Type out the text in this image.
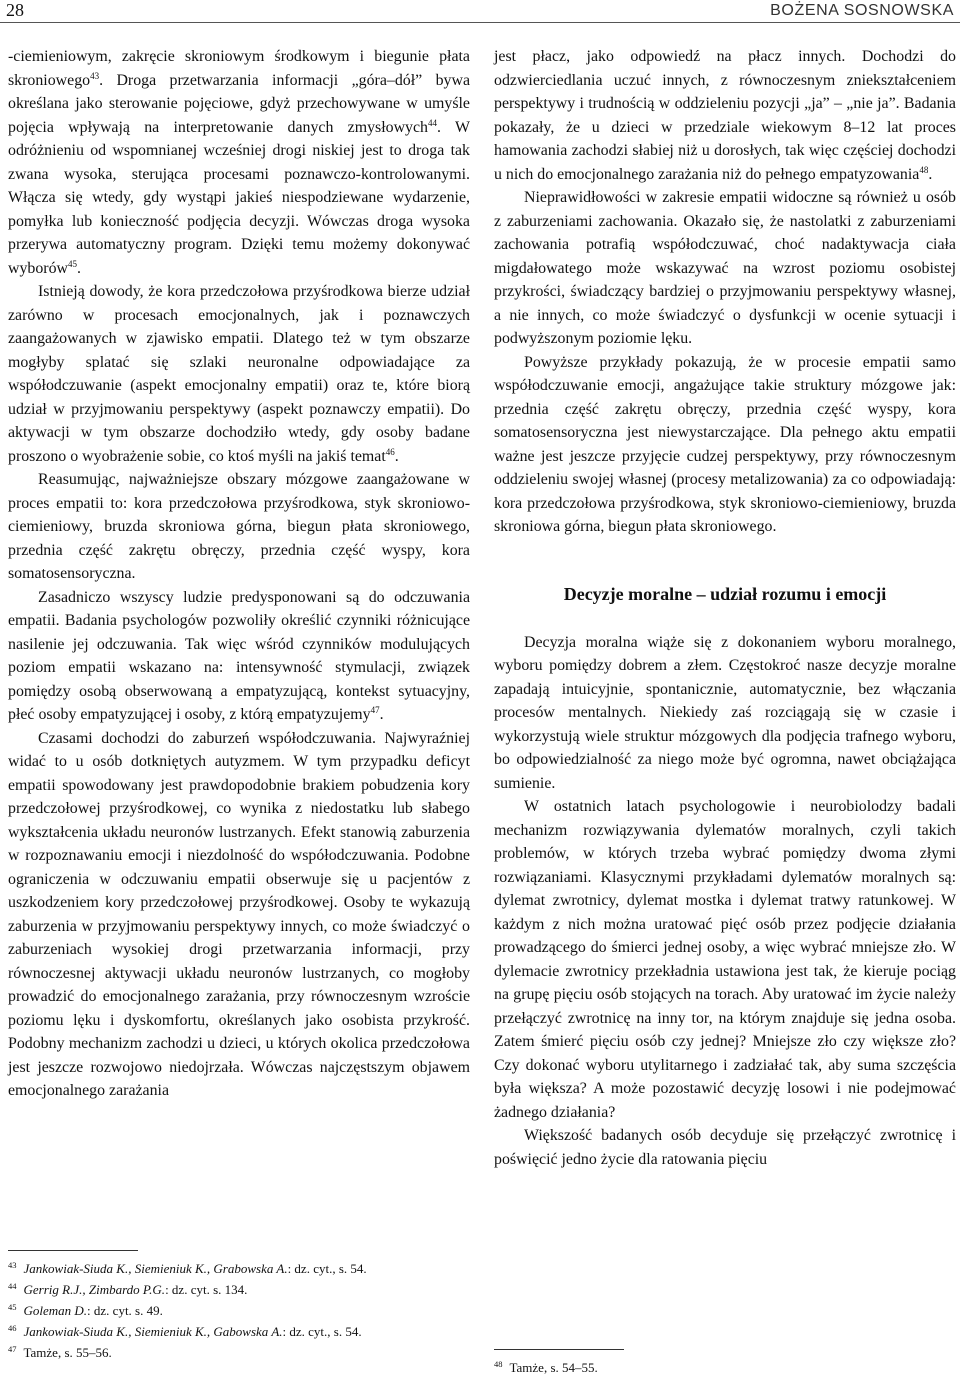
28	BOŻENA SOSNOWSKA

-ciemieniowym, zakręcie skroniowym środkowym i biegunie płata skroniowego$^{43}$. Droga przetwarzania informacji „góra–dół” bywa określana jako sterowanie pojęciowe, gdyż przechowywane w umyśle pojęcia wpływają na interpretowanie danych zmysłowych$^{44}$. W odróżnieniu od wspomnianej wcześniej drogi niskiej jest to droga tak zwana wysoka, sterująca procesami poznawczo-kontrolowanymi. Włącza się wtedy, gdy wystąpi jakieś niespodziewane wydarzenie, pomyłka lub konieczność podjęcia decyzji. Wówczas droga wysoka przerywa automatyczny program. Dzięki temu możemy dokonywać wyborów$^{45}$.

Istnieją dowody, że kora przedczołowa przyśrodkowa bierze udział zarówno w procesach emocjonalnych, jak i poznawczych zaangażowanych w zjawisko empatii. Dlatego też w tym obszarze mogłyby splatać się szlaki neuronalne odpowiadające za współodczuwanie (aspekt emocjonalny empatii) oraz te, które biorą udział w przyjmowaniu perspektywy (aspekt poznawczy empatii). Do aktywacji w tym obszarze dochodziło wtedy, gdy osoby badane proszono o wyobrażenie sobie, co ktoś myśli na jakiś temat$^{46}$.

Reasumując, najważniejsze obszary mózgowe zaangażowane w proces empatii to: kora przedczołowa przyśrodkowa, styk skroniowo-ciemieniowy, bruzda skroniowa górna, biegun płata skroniowego, przednia część zakrętu obręczy, przednia część wyspy, kora somatosensoryczna.

Zasadniczo wszyscy ludzie predysponowani są do odczuwania empatii. Badania psychologów pozwoliły określić czynniki różnicujące nasilenie jej odczuwania. Tak więc wśród czynników modulujących poziom empatii wskazano na: intensywność stymulacji, związek pomiędzy osobą obserwowaną a empatyzującą, kontekst sytuacyjny, płeć osoby empatyzującej i osoby, z którą empatyzujemy$^{47}$.

Czasami dochodzi do zaburzeń współodczuwania. Najwyraźniej widać to u osób dotkniętych autyzmem. W tym przypadku deficyt empatii spowodowany jest prawdopodobnie brakiem pobudzenia kory przedczołowej przyśrodkowej, co wynika z niedostatku lub słabego wykształcenia układu neuronów lustrzanych. Efekt stanowią zaburzenia w rozpoznawaniu emocji i niezdolność do współodczuwania. Podobne ograniczenia w odczuwaniu empatii obserwuje się u pacjentów z uszkodzeniem kory przedczołowej przyśrodkowej. Osoby te wykazują zaburzenia w przyjmowaniu perspektywy innych, co może świadczyć o zaburzeniach wysokiej drogi przetwarzania informacji, przy równoczesnej aktywacji układu neuronów lustrzanych, co mogłoby prowadzić do emocjonalnego zarażania, przy równoczesnym wzroście poziomu lęku i dyskomfortu, określanych jako osobista przykrość. Podobny mechanizm zachodzi u dzieci, u których okolica przedczołowa jest jeszcze rozwojowo niedojrzała. Wówczas najczęstszym objawem emocjonalnego zarażania

jest płacz, jako odpowiedź na płacz innych. Dochodzi do odzwierciedlania uczuć innych, z równoczesnym zniekształceniem perspektywy i trudnością w oddzieleniu pozycji „ja” – „nie ja”. Badania pokazały, że u dzieci w przedziale wiekowym 8–12 lat proces hamowania zachodzi słabiej niż u dorosłych, tak więc częściej dochodzi u nich do emocjonalnego zarażania niż do pełnego empatyzowania$^{48}$.

Nieprawidłowości w zakresie empatii widoczne są również u osób z zaburzeniami zachowania. Okazało się, że nastolatki z zaburzeniami zachowania potrafią współodczuwać, choć nadaktywacja ciała migdałowatego może wskazywać na wzrost poziomu osobistej przykrości, świadczący bardziej o przyjmowaniu perspektywy własnej, a nie innych, co może świadczyć o dysfunkcji w ocenie sytuacji i podwyższonym poziomie lęku.

Powyższe przykłady pokazują, że w procesie empatii samo współodczuwanie emocji, angażujące takie struktury mózgowe jak: przednia część zakrętu obręczy, przednia część wyspy, kora somatosensoryczna jest niewystarczające. Dla pełnego aktu empatii ważne jest jeszcze przyjęcie cudzej perspektywy, przy równoczesnym oddzieleniu swojej własnej (procesy metalizowania) za co odpowiadają: kora przedczołowa przyśrodkowa, styk skroniowo-ciemieniowy, bruzda skroniowa górna, biegun płata skroniowego.

Decyzje moralne – udział rozumu i emocji

Decyzja moralna wiąże się z dokonaniem wyboru moralnego, wyboru pomiędzy dobrem a złem. Częstokroć nasze decyzje moralne zapadają intuicyjnie, spontanicznie, automatycznie, bez włączania procesów mentalnych. Niekiedy zaś rozciągają się w czasie i wykorzystują wiele struktur mózgowych dla podjęcia trafnego wyboru, bo odpowiedzialność za niego może być ogromna, nawet obciążająca sumienie.

W ostatnich latach psychologowie i neurobiolodzy badali mechanizm rozwiązywania dylematów moralnych, czyli takich problemów, w których trzeba wybrać pomiędzy dwoma złymi rozwiązaniami. Klasycznymi przykładami dylematów moralnych są: dylemat zwrotnicy, dylemat mostka i dylemat tratwy ratunkowej. W każdym z nich można uratować pięć osób przez podjęcie działania prowadzącego do śmierci jednej osoby, a więc wybrać mniejsze zło. W dylemacie zwrotnicy przekładnia ustawiona jest tak, że kieruje pociąg na grupę pięciu osób stojących na torach. Aby uratować im życie należy przełączyć zwrotnicę na inny tor, na którym znajduje się jedna osoba. Zatem śmierć pięciu osób czy jednej? Mniejsze zło czy większe zło? Czy dokonać wyboru utylitarnego i zadziałać tak, aby suma szczęścia była większa? A może pozostawić decyzję losowi i nie podejmować żadnego działania?

Większość badanych osób decyduje się przełączyć zwrotnicę i poświęcić jedno życie dla ratowania pięciu

$^{43}$ Jankowiak-Siuda K., Siemieniuk K., Grabowska A.: dz. cyt., s. 54.
$^{44}$ Gerrig R.J., Zimbardo P.G.: dz. cyt. s. 134.
$^{45}$ Goleman D.: dz. cyt. s. 49.
$^{46}$ Jankowiak-Siuda K., Siemieniuk K., Gabowska A.: dz. cyt., s. 54.
$^{47}$ Tamże, s. 55–56.
$^{48}$ Tamże, s. 54–55.
